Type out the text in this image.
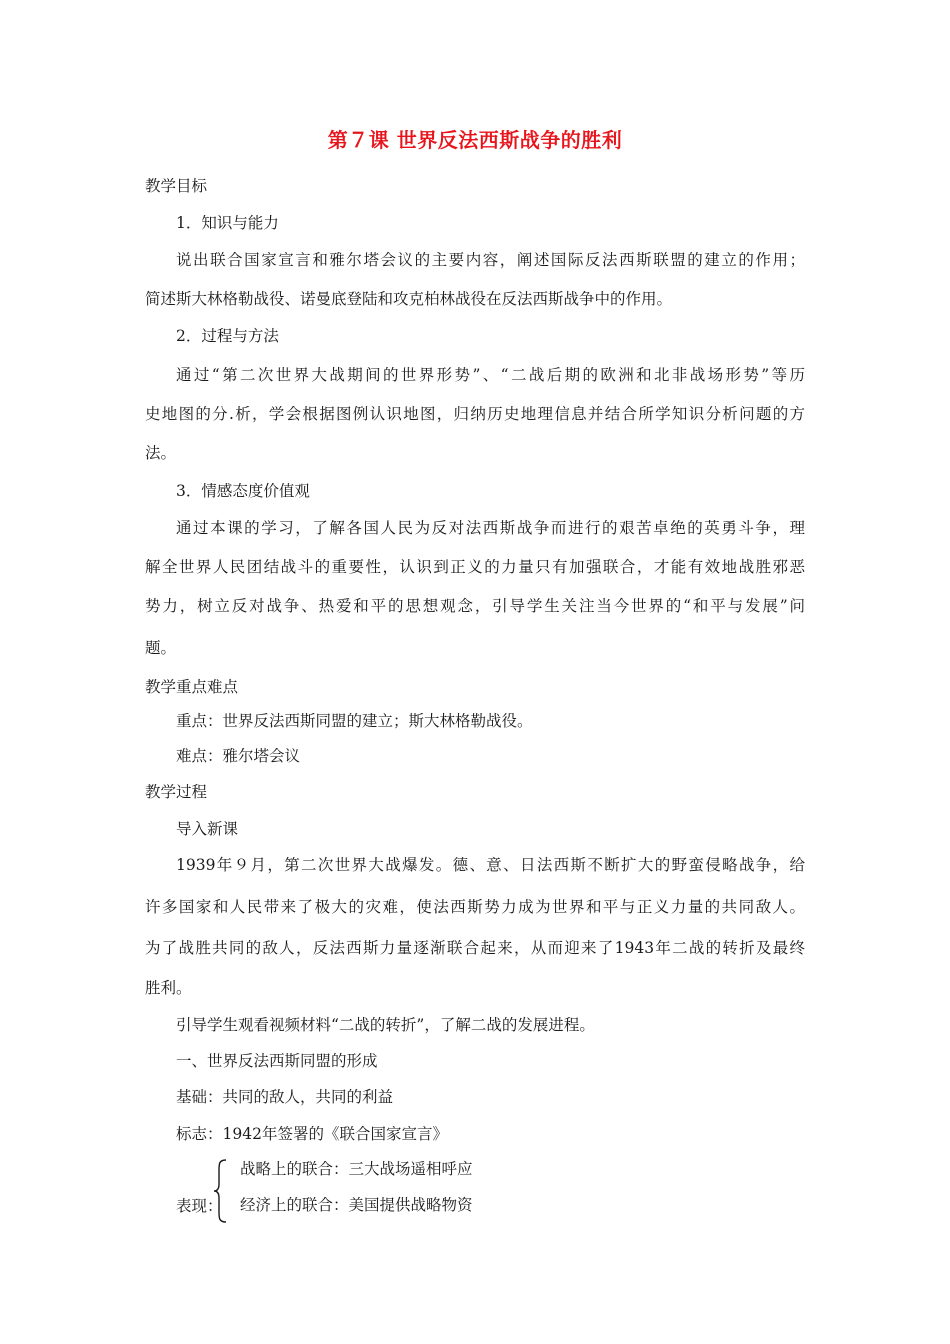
第７课 世界反法西斯战争的胜利
教学目标
1．知识与能力
说出联合国家宣言和雅尔塔会议的主要内容，阐述国际反法西斯联盟的建立的作用；
简述斯大林格勒战役、诺曼底登陆和攻克柏林战役在反法西斯战争中的作用。
2．过程与方法
通过“第二次世界大战期间的世界形势”、“二战后期的欧洲和北非战场形势”等历
史地图的分.析，学会根据图例认识地图，归纳历史地理信息并结合所学知识分析问题的方
法。
3．情感态度价值观
通过本课的学习，了解各国人民为反对法西斯战争而进行的艰苦卓绝的英勇斗争，理
解全世界人民团结战斗的重要性，认识到正义的力量只有加强联合，才能有效地战胜邪恶
势力，树立反对战争、热爱和平的思想观念，引导学生关注当今世界的“和平与发展”问
题。
教学重点难点
重点：世界反法西斯同盟的建立；斯大林格勒战役。
难点：雅尔塔会议
教学过程
导入新课
1939年９月，第二次世界大战爆发。德、意、日法西斯不断扩大的野蛮侵略战争，给
许多国家和人民带来了极大的灾难，使法西斯势力成为世界和平与正义力量的共同敌人。
为了战胜共同的敌人，反法西斯力量逐渐联合起来，从而迎来了1943年二战的转折及最终
胜利。
引导学生观看视频材料“二战的转折”，了解二战的发展进程。
一、世界反法西斯同盟的形成
基础：共同的敌人，共同的利益
标志：1942年签署的《联合国家宣言》
表现：
战略上的联合：三大战场遥相呼应
经济上的联合：美国提供战略物资
